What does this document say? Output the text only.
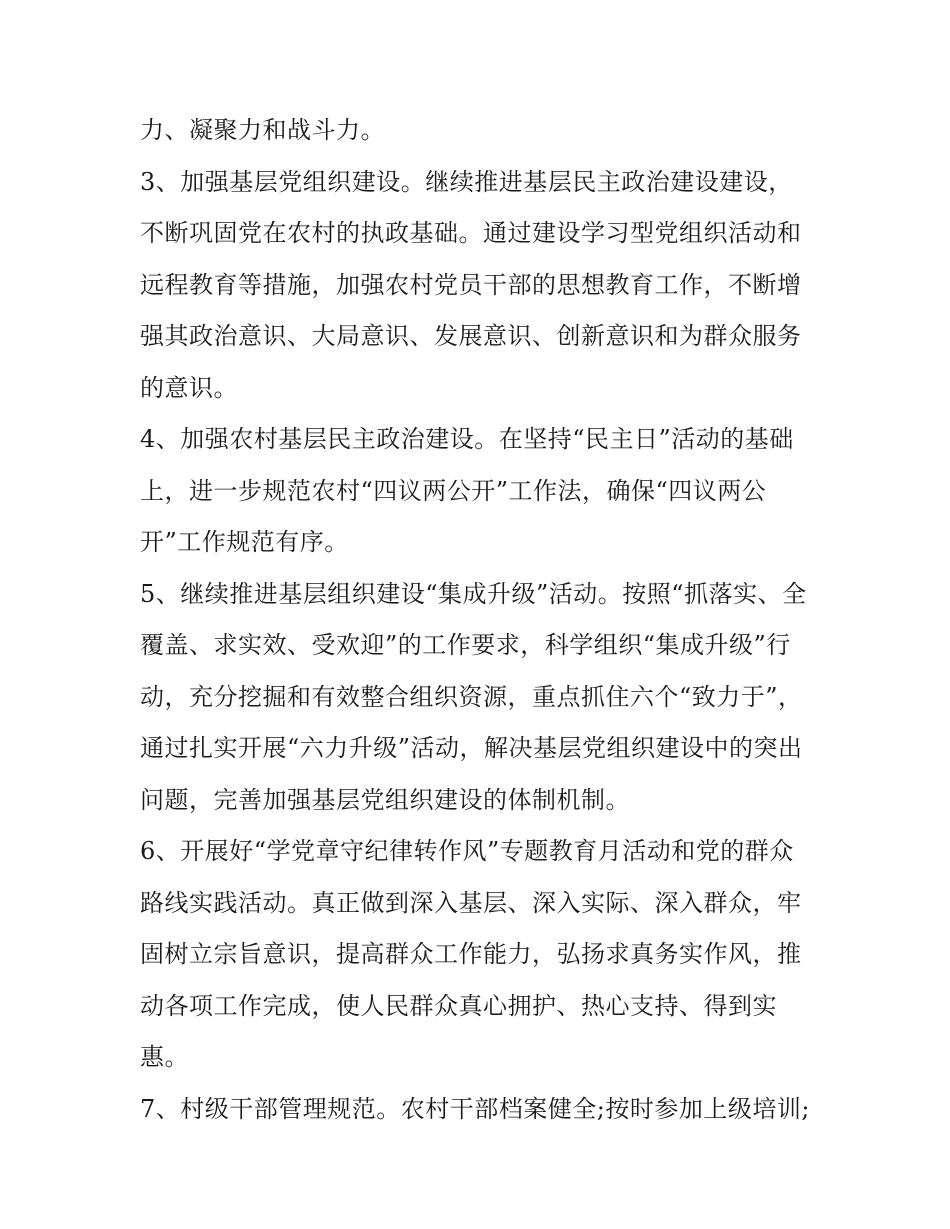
力、凝聚力和战斗力。
3、加强基层党组织建设。继续推进基层民主政治建设建设，
不断巩固党在农村的执政基础。通过建设学习型党组织活动和
远程教育等措施，加强农村党员干部的思想教育工作，不断增
强其政治意识、大局意识、发展意识、创新意识和为群众服务
的意识。
4、加强农村基层民主政治建设。在坚持“民主日”活动的基础
上，进一步规范农村“四议两公开”工作法，确保“四议两公
开”工作规范有序。
5、继续推进基层组织建设“集成升级”活动。按照“抓落实、全
覆盖、求实效、受欢迎”的工作要求，科学组织“集成升级”行
动，充分挖掘和有效整合组织资源，重点抓住六个“致力于”，
通过扎实开展“六力升级”活动，解决基层党组织建设中的突出
问题，完善加强基层党组织建设的体制机制。
6、开展好“学党章守纪律转作风”专题教育月活动和党的群众
路线实践活动。真正做到深入基层、深入实际、深入群众，牢
固树立宗旨意识，提高群众工作能力，弘扬求真务实作风，推
动各项工作完成，使人民群众真心拥护、热心支持、得到实
惠。
7、村级干部管理规范。农村干部档案健全;按时参加上级培训;
